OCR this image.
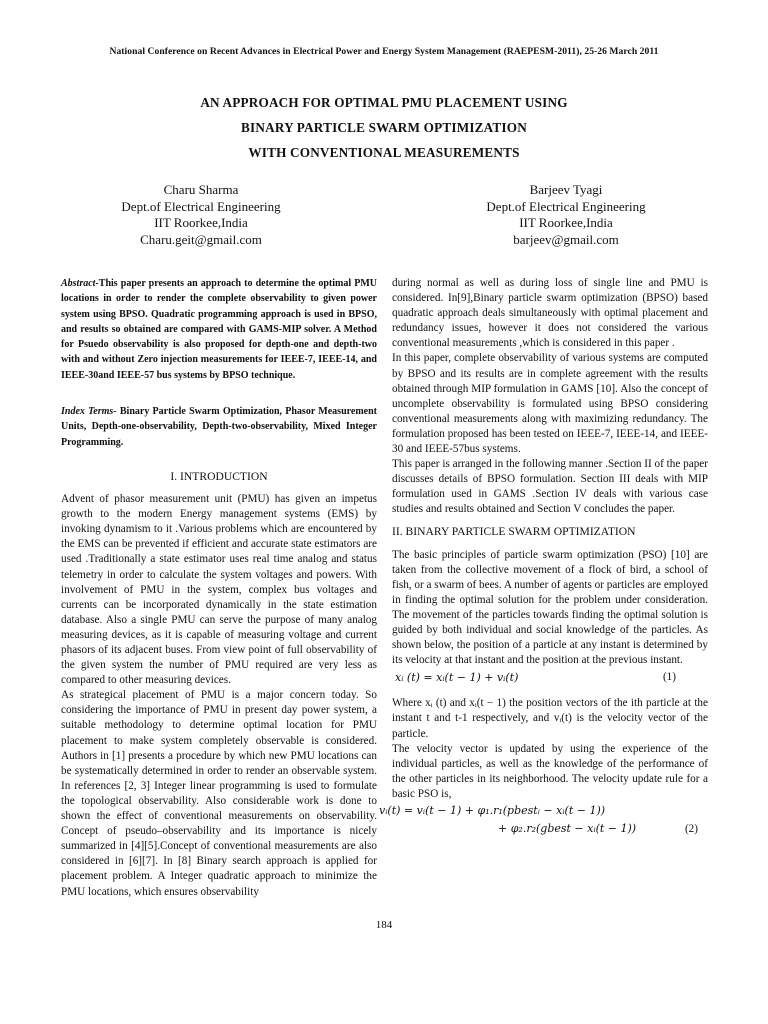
National Conference on Recent Advances in Electrical Power and Energy System Management (RAEPESM-2011), 25-26 March 2011
AN APPROACH FOR OPTIMAL PMU PLACEMENT USING
BINARY PARTICLE SWARM OPTIMIZATION
WITH CONVENTIONAL MEASUREMENTS
Charu Sharma
Dept.of Electrical Engineering
IIT Roorkee,India
Charu.geit@gmail.com
Barjeev Tyagi
Dept.of Electrical Engineering
IIT Roorkee,India
barjeev@gmail.com

Abstract-This paper presents an approach to determine the optimal PMU locations in order to render the complete observability to given power system using BPSO. Quadratic programming approach is used in BPSO, and results so obtained are compared with GAMS-MIP solver. A Method for Psuedo observability is also proposed for depth-one and depth-two with and without Zero injection measurements for IEEE-7, IEEE-14, and IEEE-30and IEEE-57 bus systems by BPSO technique.

Index Terms- Binary Particle Swarm Optimization, Phasor Measurement Units, Depth-one-observability, Depth-two-observability, Mixed Integer Programming.

I. INTRODUCTION

Advent of phasor measurement unit (PMU) has given an impetus growth to the modern Energy management systems (EMS) by invoking dynamism to it .Various problems which are encountered by the EMS can be prevented if efficient and accurate state estimators are used .Traditionally a state estimator uses real time analog and status telemetry in order to calculate the system voltages and powers. With involvement of PMU in the system, complex bus voltages and currents can be incorporated dynamically in the state estimation database. Also a single PMU can serve the purpose of many analog measuring devices, as it is capable of measuring voltage and current phasors of its adjacent buses. From view point of full observability of the given system the number of PMU required are very less as compared to other measuring devices.

As strategical placement of PMU is a major concern today. So considering the importance of PMU in present day power system, a suitable methodology to determine optimal location for PMU placement to make system completely observable is considered. Authors in [1] presents a procedure by which new PMU locations can be systematically determined in order to render an observable system. In references [2, 3] Integer linear programming is used to formulate the topological observability. Also considerable work is done to shown the effect of conventional measurements on observability. Concept of pseudo–observability and its importance is nicely summarized in [4][5].Concept of conventional measurements are also considered in [6][7]. In [8] Binary search approach is applied for placement problem. A Integer quadratic approach to minimize the PMU locations, which ensures observability

during normal as well as during loss of single line and PMU is considered. In[9],Binary particle swarm optimization (BPSO) based quadratic approach deals simultaneously with optimal placement and redundancy issues, however it does not considered the various conventional measurements ,which is considered in this paper .

In this paper, complete observability of various systems are computed by BPSO and its results are in complete agreement with the results obtained through MIP formulation in GAMS [10]. Also the concept of uncomplete observability is formulated using BPSO considering conventional measurements along with maximizing redundancy. The formulation proposed has been tested on IEEE-7, IEEE-14, and IEEE-30 and IEEE-57bus systems.

This paper is arranged in the following manner .Section II of the paper discusses details of BPSO formulation. Section III deals with MIP formulation used in GAMS .Section IV deals with various case studies and results obtained and Section V concludes the paper.

II. BINARY PARTICLE SWARM OPTIMIZATION

The basic principles of particle swarm optimization (PSO) [10] are taken from the collective movement of a flock of bird, a school of fish, or a swarm of bees. A number of agents or particles are employed in finding the optimal solution for the problem under consideration. The movement of the particles towards finding the optimal solution is guided by both individual and social knowledge of the particles. As shown below, the position of a particle at any instant is determined by its velocity at that instant and the position at the previous instant.

xᵢ (t) = xᵢ(t − 1) + vᵢ(t)	(1)

Where xᵢ (t) and xᵢ(t − 1) the position vectors of the ith particle at the instant t and t-1 respectively, and vᵢ(t) is the velocity vector of the particle.

The velocity vector is updated by using the experience of the individual particles, as well as the knowledge of the performance of the other particles in its neighborhood. The velocity update rule for a basic PSO is,

vᵢ(t) = vᵢ(t − 1) + φ₁.r₁(pbestᵢ − xᵢ(t − 1))
+ φ₂.r₂(gbest − xᵢ(t − 1))	(2)
184
